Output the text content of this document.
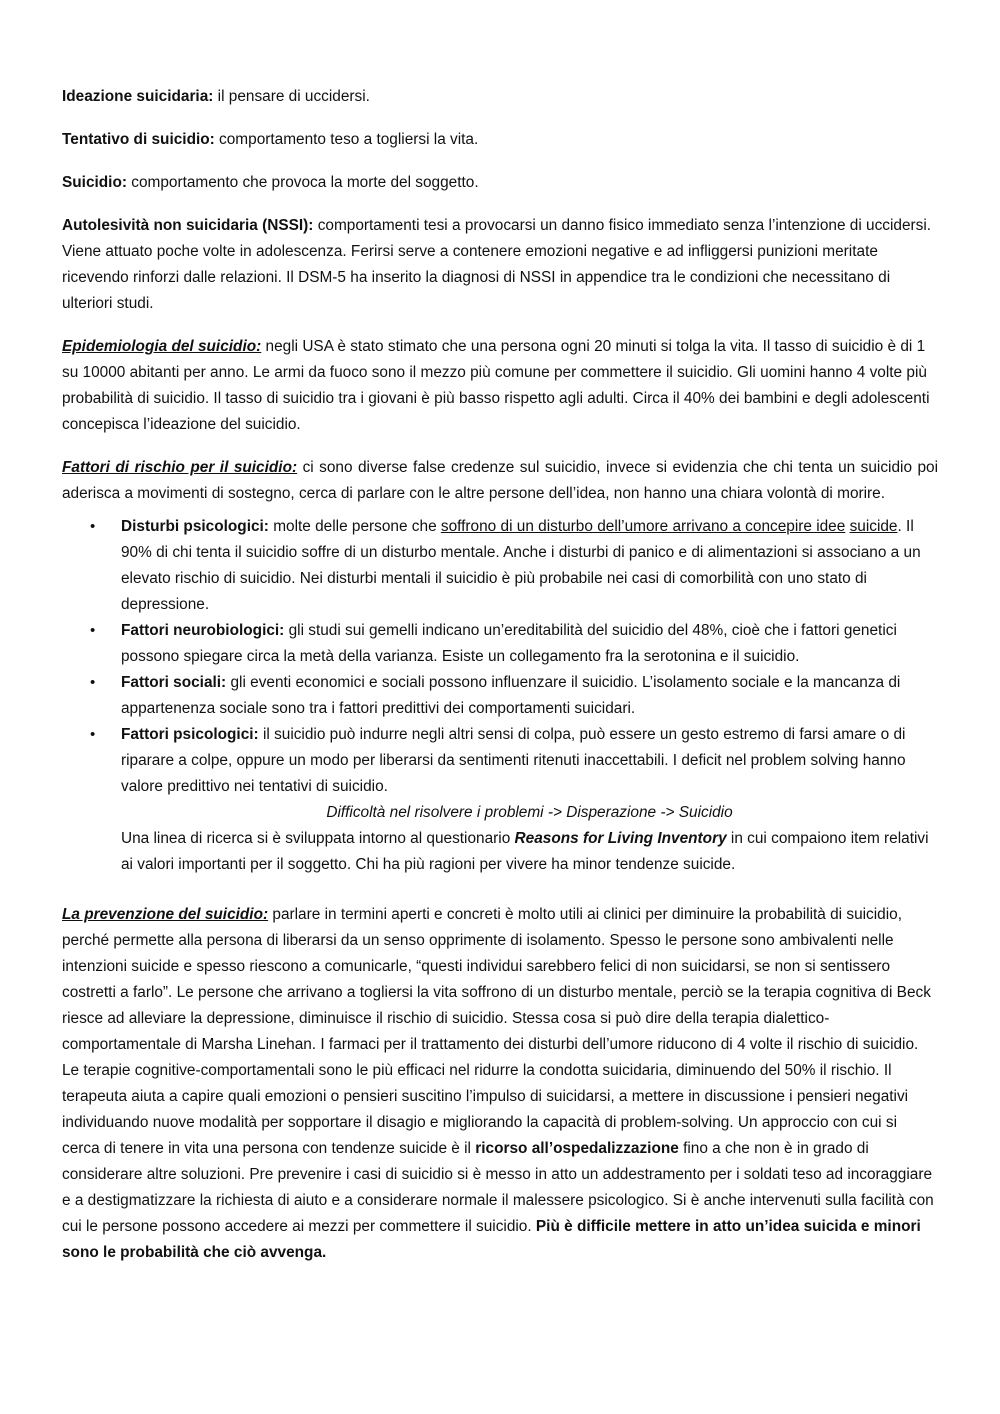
Ideazione suicidaria: il pensare di uccidersi.

Tentativo di suicidio: comportamento teso a togliersi la vita.

Suicidio: comportamento che provoca la morte del soggetto.

Autolesività non suicidaria (NSSI): comportamenti tesi a provocarsi un danno fisico immediato senza l’intenzione di uccidersi. Viene attuato poche volte in adolescenza. Ferirsi serve a contenere emozioni negative e ad infliggersi punizioni meritate ricevendo rinforzi dalle relazioni. Il DSM-5 ha inserito la diagnosi di NSSI in appendice tra le condizioni che necessitano di ulteriori studi.

Epidemiologia del suicidio: negli USA è stato stimato che una persona ogni 20 minuti si tolga la vita. Il tasso di suicidio è di 1 su 10000 abitanti per anno. Le armi da fuoco sono il mezzo più comune per commettere il suicidio. Gli uomini hanno 4 volte più probabilità di suicidio. Il tasso di suicidio tra i giovani è più basso rispetto agli adulti. Circa il 40% dei bambini e degli adolescenti concepisca l’ideazione del suicidio.

Fattori di rischio per il suicidio: ci sono diverse false credenze sul suicidio, invece si evidenzia che chi tenta un suicidio poi aderisca a movimenti di sostegno, cerca di parlare con le altre persone dell’idea, non hanno una chiara volontà di morire.

• Disturbi psicologici: molte delle persone che soffrono di un disturbo dell’umore arrivano a concepire idee suicide. Il 90% di chi tenta il suicidio soffre di un disturbo mentale. Anche i disturbi di panico e di alimentazioni si associano a un elevato rischio di suicidio. Nei disturbi mentali il suicidio è più probabile nei casi di comorbilità con uno stato di depressione.
• Fattori neurobiologici: gli studi sui gemelli indicano un’ereditabilità del suicidio del 48%, cioè che i fattori genetici possono spiegare circa la metà della varianza. Esiste un collegamento fra la serotonina e il suicidio.
• Fattori sociali: gli eventi economici e sociali possono influenzare il suicidio. L’isolamento sociale e la mancanza di appartenenza sociale sono tra i fattori predittivi dei comportamenti suicidari.
• Fattori psicologici: il suicidio può indurre negli altri sensi di colpa, può essere un gesto estremo di farsi amare o di riparare a colpe, oppure un modo per liberarsi da sentimenti ritenuti inaccettabili. I deficit nel problem solving hanno valore predittivo nei tentativi di suicidio.

Difficoltà nel risolvere i problemi -> Disperazione -> Suicidio

Una linea di ricerca si è sviluppata intorno al questionario Reasons for Living Inventory in cui compaiono item relativi ai valori importanti per il soggetto. Chi ha più ragioni per vivere ha minor tendenze suicide.

La prevenzione del suicidio: parlare in termini aperti e concreti è molto utili ai clinici per diminuire la probabilità di suicidio, perché permette alla persona di liberarsi da un senso opprimente di isolamento. Spesso le persone sono ambivalenti nelle intenzioni suicide e spesso riescono a comunicarle, “questi individui sarebbero felici di non suicidarsi, se non si sentissero costretti a farlo”. Le persone che arrivano a togliersi la vita soffrono di un disturbo mentale, perciò se la terapia cognitiva di Beck riesce ad alleviare la depressione, diminuisce il rischio di suicidio. Stessa cosa si può dire della terapia dialettico-comportamentale di Marsha Linehan. I farmaci per il trattamento dei disturbi dell’umore riducono di 4 volte il rischio di suicidio. Le terapie cognitive-comportamentali sono le più efficaci nel ridurre la condotta suicidaria, diminuendo del 50% il rischio. Il terapeuta aiuta a capire quali emozioni o pensieri suscitino l’impulso di suicidarsi, a mettere in discussione i pensieri negativi individuando nuove modalità per sopportare il disagio e migliorando la capacità di problem-solving. Un approccio con cui si cerca di tenere in vita una persona con tendenze suicide è il ricorso all’ospedalizzazione fino a che non è in grado di considerare altre soluzioni. Pre prevenire i casi di suicidio si è messo in atto un addestramento per i soldati teso ad incoraggiare e a destigmatizzare la richiesta di aiuto e a considerare normale il malessere psicologico. Si è anche intervenuti sulla facilità con cui le persone possono accedere ai mezzi per commettere il suicidio. Più è difficile mettere in atto un’idea suicida e minori sono le probabilità che ciò avvenga.
